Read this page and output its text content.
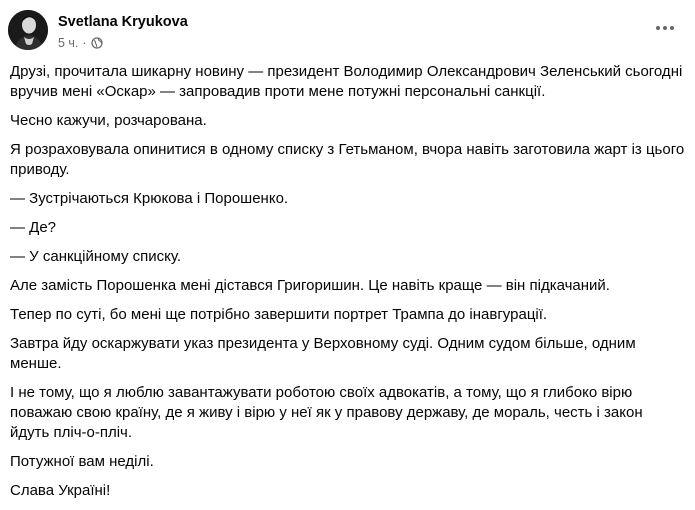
Svetlana Kryukova
5 ч. ·

Друзі, прочитала шикарну новину — президент Володимир Олександрович Зеленський сьогодні вручив мені «Оскар» — запровадив проти мене потужні персональні санкції.

Чесно кажучи, розчарована.

Я розраховувала опинитися в одному списку з Гетьманом, вчора навіть заготовила жарт із цього приводу.

— Зустрічаються Крюкова і Порошенко.

— Де?

— У санкційному списку.

Але замість Порошенка мені дістався Григоришин. Це навіть краще — він підкачаний.

Тепер по суті, бо мені ще потрібно завершити портрет Трампа до інавгурації.

Завтра йду оскаржувати указ президента у Верховному суді. Одним судом більше, одним менше.

І не тому, що я люблю завантажувати роботою своїх адвокатів, а тому, що я глибоко вірю поважаю свою країну, де я живу і вірю у неї як у правову державу, де мораль, честь і закон йдуть пліч-о-пліч.

Потужної вам неділі.

Слава Україні!
